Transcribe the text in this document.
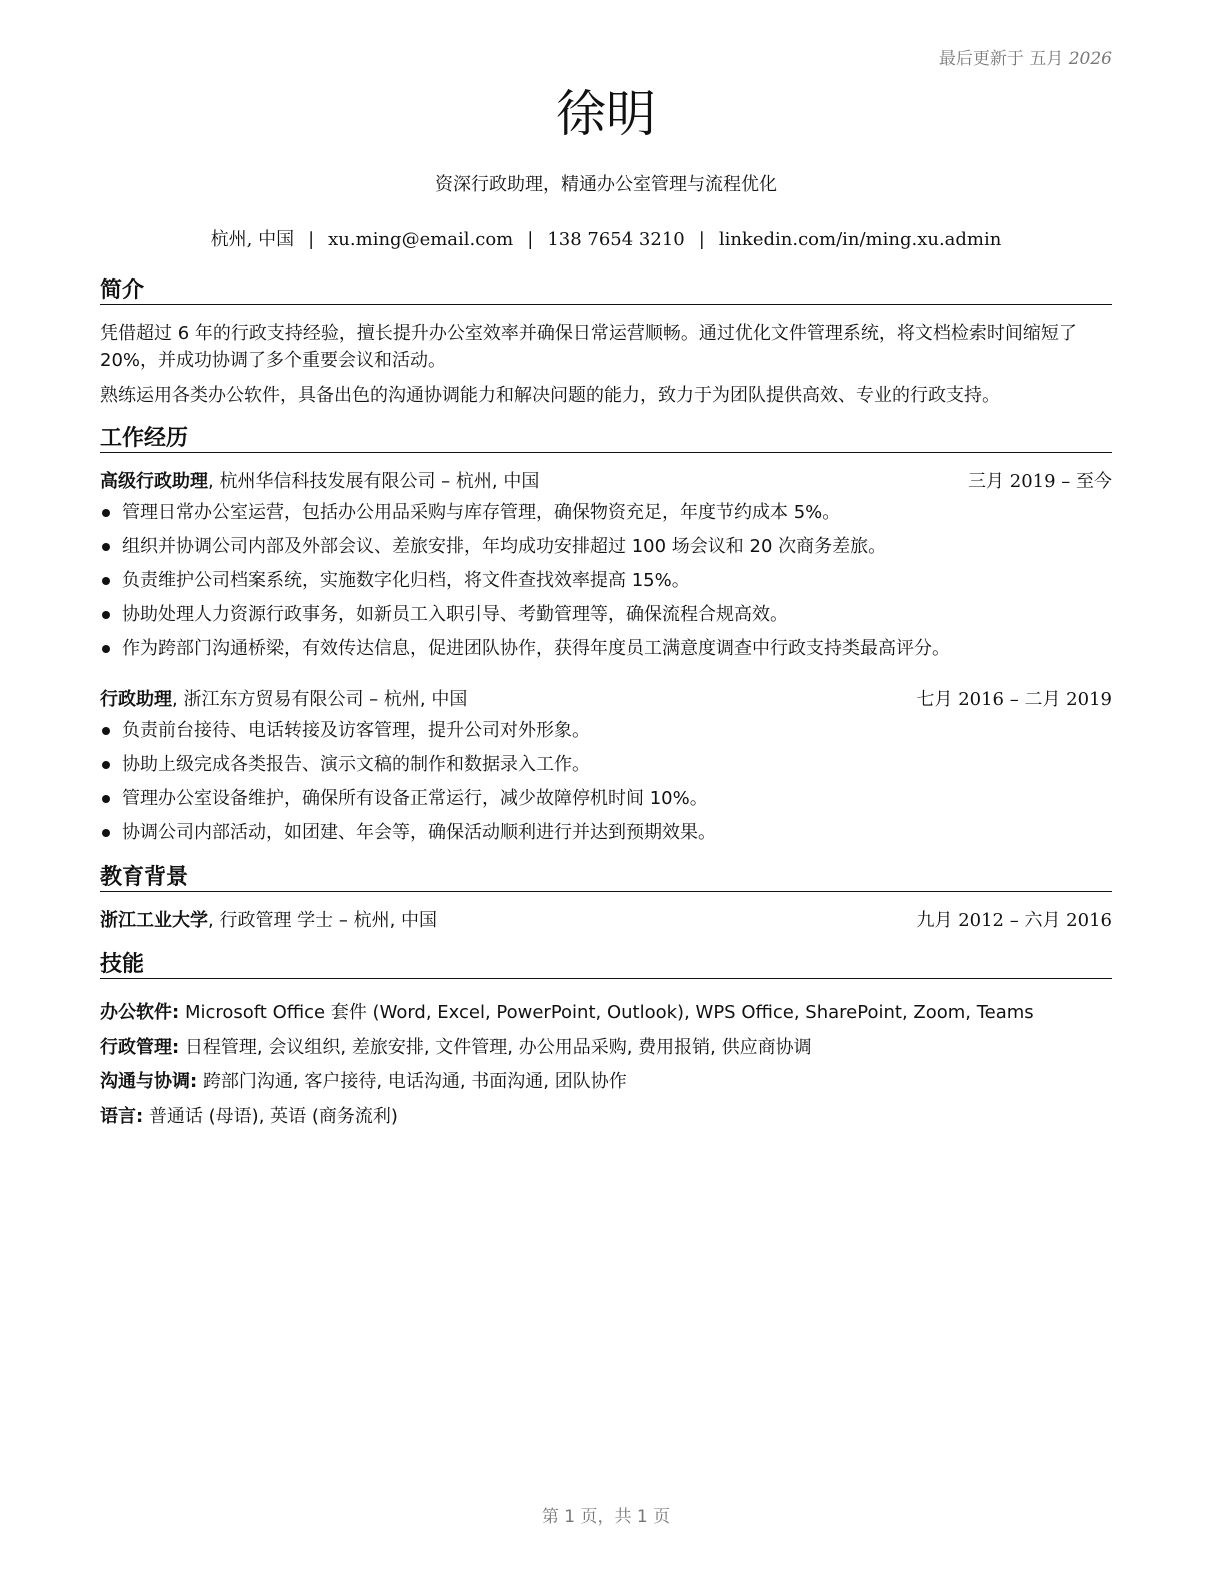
最后更新于 五月 2026
徐明
资深行政助理，精通办公室管理与流程优化
杭州, 中国 | xu.ming@email.com | 138 7654 3210 | linkedin.com/in/ming.xu.admin
简介
凭借超过 6 年的行政支持经验，擅长提升办公室效率并确保日常运营顺畅。通过优化文件管理系统，将文档检索时间缩短了 20%，并成功协调了多个重要会议和活动。
熟练运用各类办公软件，具备出色的沟通协调能力和解决问题的能力，致力于为团队提供高效、专业的行政支持。
工作经历
高级行政助理, 杭州华信科技发展有限公司 – 杭州, 中国	三月 2019 – 至今
管理日常办公室运营，包括办公用品采购与库存管理，确保物资充足，年度节约成本 5%。
组织并协调公司内部及外部会议、差旅安排，年均成功安排超过 100 场会议和 20 次商务差旅。
负责维护公司档案系统，实施数字化归档，将文件查找效率提高 15%。
协助处理人力资源行政事务，如新员工入职引导、考勤管理等，确保流程合规高效。
作为跨部门沟通桥梁，有效传达信息，促进团队协作，获得年度员工满意度调查中行政支持类最高评分。
行政助理, 浙江东方贸易有限公司 – 杭州, 中国	七月 2016 – 二月 2019
负责前台接待、电话转接及访客管理，提升公司对外形象。
协助上级完成各类报告、演示文稿的制作和数据录入工作。
管理办公室设备维护，确保所有设备正常运行，减少故障停机时间 10%。
协调公司内部活动，如团建、年会等，确保活动顺利进行并达到预期效果。
教育背景
浙江工业大学, 行政管理 学士 – 杭州, 中国	九月 2012 – 六月 2016
技能
办公软件: Microsoft Office 套件 (Word, Excel, PowerPoint, Outlook), WPS Office, SharePoint, Zoom, Teams
行政管理: 日程管理, 会议组织, 差旅安排, 文件管理, 办公用品采购, 费用报销, 供应商协调
沟通与协调: 跨部门沟通, 客户接待, 电话沟通, 书面沟通, 团队协作
语言: 普通话 (母语), 英语 (商务流利)
第 1 页，共 1 页
